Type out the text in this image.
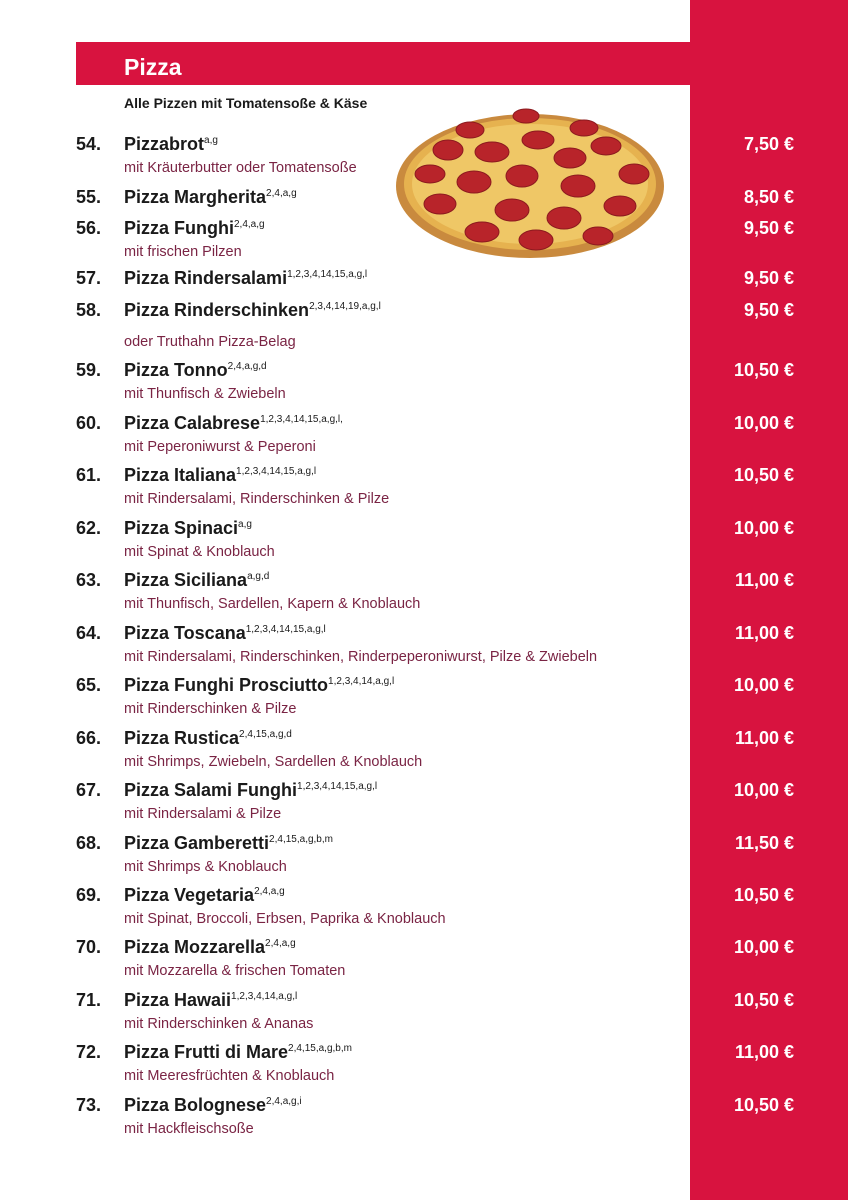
Pizza
Alle Pizzen mit Tomatensoße & Käse
54. Pizzabrot$^{a,g}$
mit Kräuterbutter oder Tomatensoße
7,50 €
55. Pizza Margherita$^{2,4,a,g}$	8,50 €
56. Pizza Funghi$^{2,4,a,g}$
mit frischen Pilzen
9,50 €
57. Pizza Rindersalami$^{1,2,3,4,14,15,a,g,l}$	9,50 €
58. Pizza Rinderschinken$^{2,3,4,14,19,a,g,l}$
oder Truthahn Pizza-Belag
9,50 €
59. Pizza Tonno$^{2,4,a,g,d}$
mit Thunfisch & Zwiebeln
10,50 €
60. Pizza Calabrese$^{1,2,3,4,14,15,a,g,l,}$
mit Peperoniwurst & Peperoni
10,00 €
61. Pizza Italiana$^{1,2,3,4,14,15,a,g,l}$
mit Rindersalami, Rinderschinken & Pilze
10,50 €
62. Pizza Spinaci$^{a,g}$
mit Spinat & Knoblauch
10,00 €
63. Pizza Siciliana$^{a,g,d}$
mit Thunfisch, Sardellen, Kapern & Knoblauch
11,00 €
64. Pizza Toscana$^{1,2,3,4,14,15,a,g,l}$
mit Rindersalami, Rinderschinken, Rinderpeperoniwurst, Pilze & Zwiebeln
11,00 €
65. Pizza Funghi Prosciutto$^{1,2,3,4,14,a,g,l}$
mit Rinderschinken & Pilze
10,00 €
66. Pizza Rustica$^{2,4,15,a,g,d}$
mit Shrimps, Zwiebeln, Sardellen & Knoblauch
11,00 €
67. Pizza Salami Funghi$^{1,2,3,4,14,15,a,g,l}$
mit Rindersalami & Pilze
10,00 €
68. Pizza Gamberetti$^{2,4,15,a,g,b,m}$
mit Shrimps & Knoblauch
11,50 €
69. Pizza Vegetaria$^{2,4,a,g}$
mit Spinat, Broccoli, Erbsen, Paprika & Knoblauch
10,50 €
70. Pizza Mozzarella$^{2,4,a,g}$
mit Mozzarella & frischen Tomaten
10,00 €
71. Pizza Hawaii$^{1,2,3,4,14,a,g,l}$
mit Rinderschinken & Ananas
10,50 €
72. Pizza Frutti di Mare$^{2,4,15,a,g,b,m}$
mit Meeresfrüchten & Knoblauch
11,00 €
73. Pizza Bolognese$^{2,4,a,g,i}$
mit Hackfleischsoße
10,50 €
